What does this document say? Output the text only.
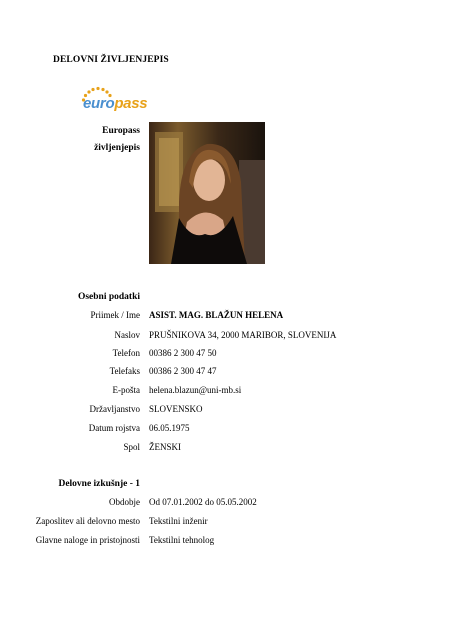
DELOVNI ŽIVLJENJEPIS
europass
Europass
življenjepis
Osebni podatki
Priimek / Ime ASIST. MAG. BLAŽUN HELENA
Naslov PRUŠNIKOVA 34, 2000 MARIBOR, SLOVENIJA
Telefon 00386 2 300 47 50
Telefaks 00386 2 300 47 47
E-pošta helena.blazun@uni-mb.si
Državljanstvo SLOVENSKO
Datum rojstva 06.05.1975
Spol ŽENSKI
Delovne izkušnje - 1
Obdobje Od 07.01.2002 do 05.05.2002
Zaposlitev ali delovno mesto Tekstilni inženir
Glavne naloge in pristojnosti Tekstilni tehnolog
